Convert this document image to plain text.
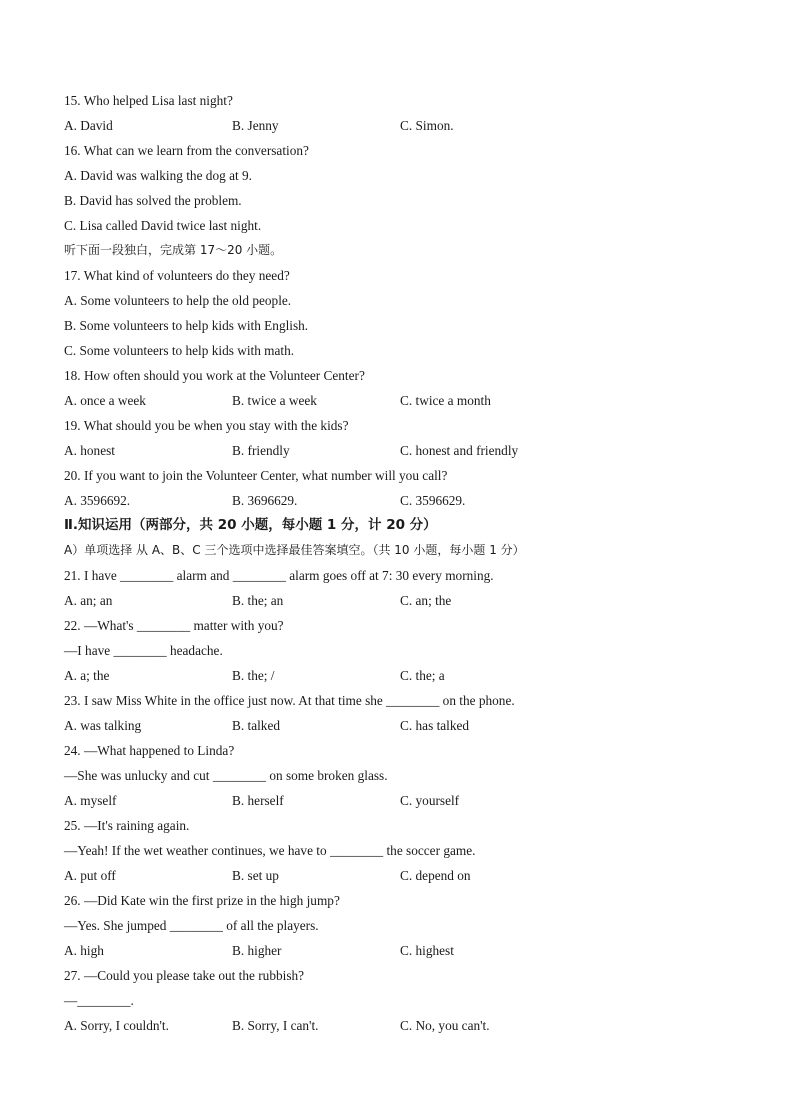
15. Who helped Lisa last night?
A. David	B. Jenny	C. Simon.
16. What can we learn from the conversation?
A. David was walking the dog at 9.
B. David has solved the problem.
C. Lisa called David twice last night.
听下面一段独白，完成第 17～20 小题。
17. What kind of volunteers do they need?
A. Some volunteers to help the old people.
B. Some volunteers to help kids with English.
C. Some volunteers to help kids with math.
18. How often should you work at the Volunteer Center?
A. once a week	B. twice a week	C. twice a month
19. What should you be when you stay with the kids?
A. honest	B. friendly	C. honest and friendly
20. If you want to join the Volunteer Center, what number will you call?
A. 3596692.	B. 3696629.	C. 3596629.
Ⅱ.知识运用（两部分，共 20 小题，每小题 1 分，计 20 分）
A）单项选择 从 A、B、C 三个选项中选择最佳答案填空。（共 10 小题，每小题 1 分）
21. I have ________ alarm and ________ alarm goes off at 7: 30 every morning.
A. an; an	B. the; an	C. an; the
22. —What's ________ matter with you?
—I have ________ headache.
A. a; the	B. the; /	C. the; a
23. I saw Miss White in the office just now. At that time she ________ on the phone.
A. was talking	B. talked	C. has talked
24. —What happened to Linda?
—She was unlucky and cut ________ on some broken glass.
A. myself	B. herself	C. yourself
25. —It's raining again.
—Yeah! If the wet weather continues, we have to ________ the soccer game.
A. put off	B. set up	C. depend on
26. —Did Kate win the first prize in the high jump?
—Yes. She jumped ________ of all the players.
A. high	B. higher	C. highest
27. —Could you please take out the rubbish?
—________.
A. Sorry, I couldn't.	B. Sorry, I can't.	C. No, you can't.
